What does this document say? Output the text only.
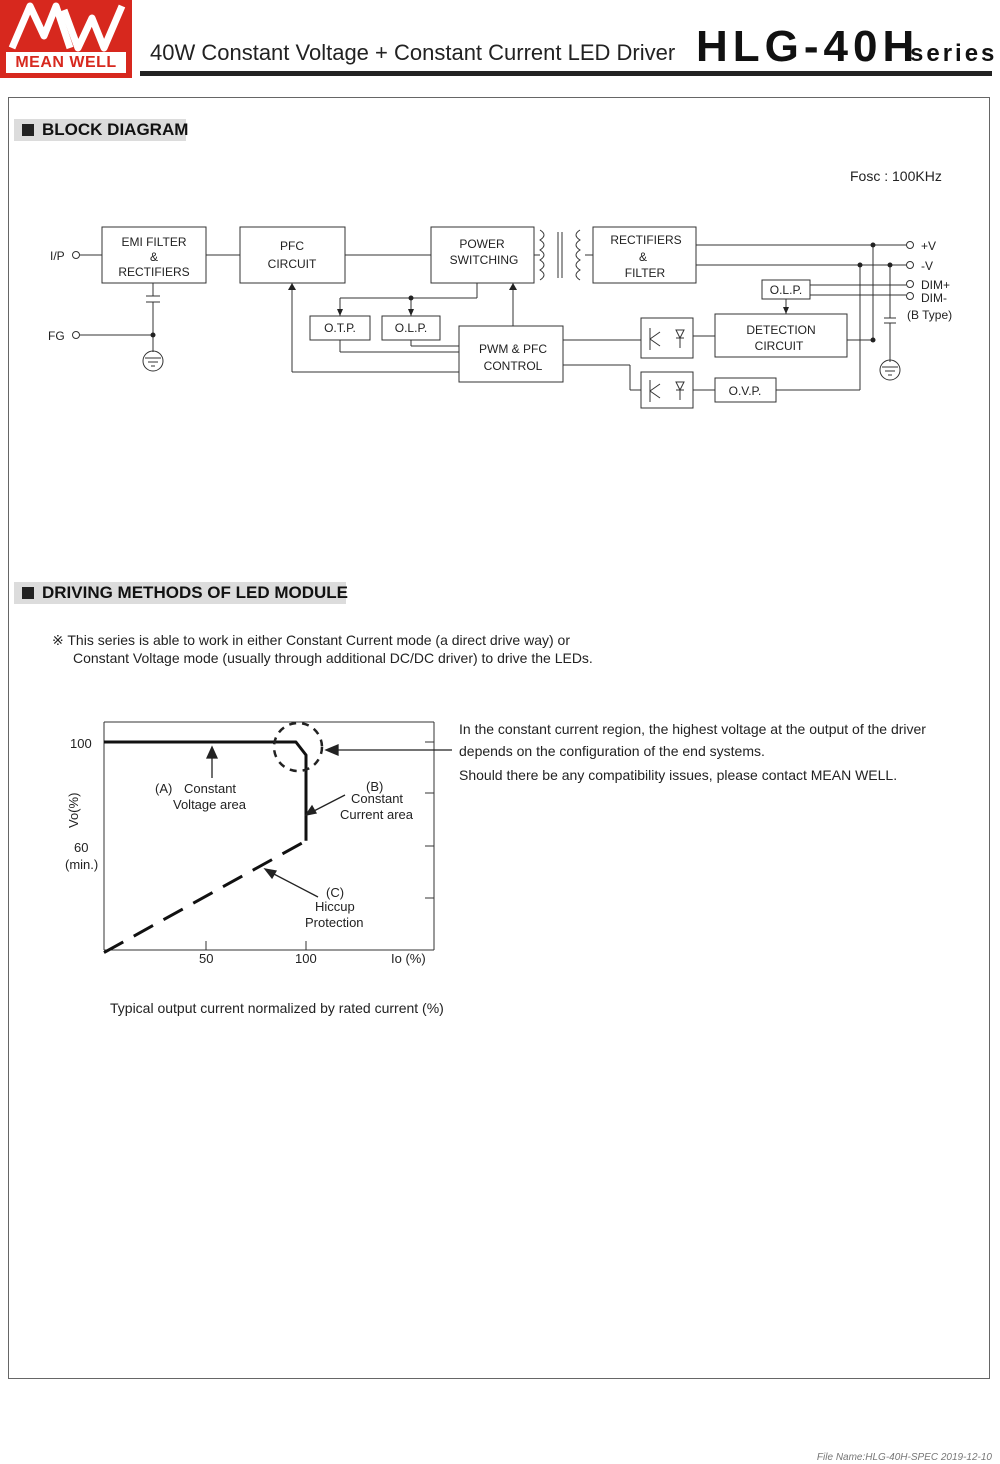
MEAN WELL	40W Constant Voltage + Constant Current LED Driver HLG-40H
series
BLOCK DIAGRAM
Fosc : 100KHz
EMI FILTER
&
RECTIFIERS
PFC
CIRCUIT
POWER
SWITCHING
RECTIFIERS
&
FILTER
O.L.P.
O.T.P.	O.L.P.
PWM & PFC
CONTROL
DETECTION
CIRCUIT
O.V.P.
I/P
FG
+V
-V
DIM+
DIM-
(B Type)
DRIVING METHODS OF LED MODULE
※ This series is able to work in either Constant Current mode (a direct drive way) or
Constant Voltage mode (usually through additional DC/DC driver) to drive the LEDs.
In the constant current region, the highest voltage at the output of the driver
depends on the configuration of the end systems.
Should there be any compatibility issues, please contact MEAN WELL.
100
60
(min.)
50	100	Io (%)
Vo(%)
(A) Constant
Voltage area
(B)
Constant
Current area
(C)
Hiccup
Protection
Typical output current normalized by rated current (%)
File Name:HLG-40H-SPEC 2019-12-10
